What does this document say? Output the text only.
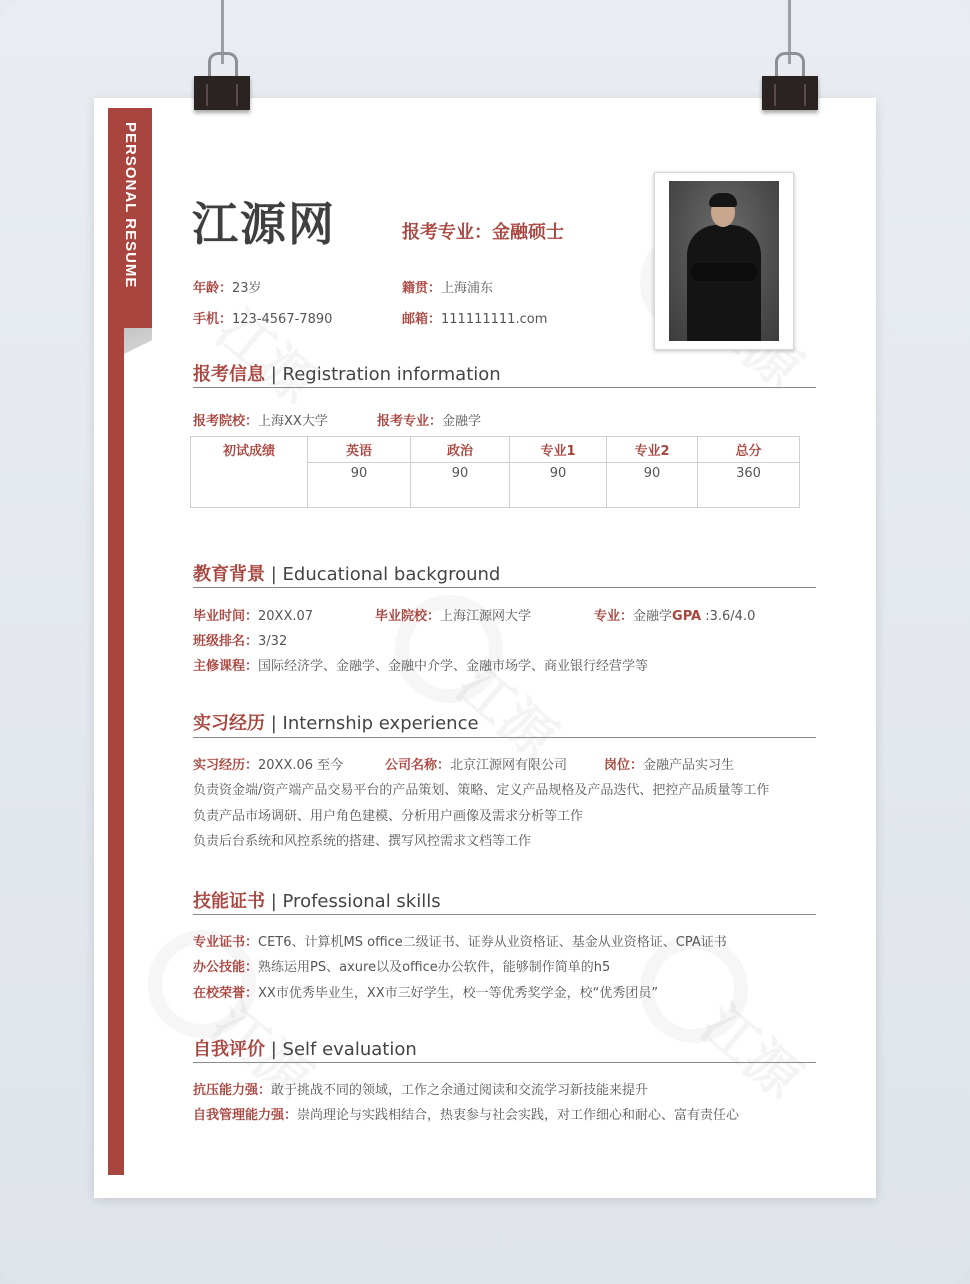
PERSONAL RESUME 江源网	报考专业：金融硕士
年龄：23岁	籍贯：上海浦东
手机：123-4567-7890	邮箱：111111111.com
报考信息 | Registration information
报考院校：上海XX大学	报考专业：金融学
初试成绩	英语	政治	专业1	专业2	总分
	90	90	90	90	360
教育背景 | Educational background
毕业时间：20XX.07	毕业院校：上海江源网大学	专业：金融学GPA :3.6/4.0
班级排名：3/32
主修课程：国际经济学、金融学、金融中介学、金融市场学、商业银行经营学等
实习经历 | Internship experience
实习经历：20XX.06 至今	公司名称：北京江源网有限公司	岗位：金融产品实习生
负责资金端/资产端产品交易平台的产品策划、策略、定义产品规格及产品迭代、把控产品质量等工作
负责产品市场调研、用户角色建模、分析用户画像及需求分析等工作
负责后台系统和风控系统的搭建、撰写风控需求文档等工作
技能证书 | Professional skills
专业证书：CET6、计算机MS office二级证书、证券从业资格证、基金从业资格证、CPA证书
办公技能：熟练运用PS、axure以及office办公软件，能够制作简单的h5
在校荣誉：XX市优秀毕业生，XX市三好学生，校一等优秀奖学金，校“优秀团员”
自我评价 | Self evaluation
抗压能力强：敢于挑战不同的领域，工作之余通过阅读和交流学习新技能来提升
自我管理能力强：崇尚理论与实践相结合，热衷参与社会实践，对工作细心和耐心、富有责任心
